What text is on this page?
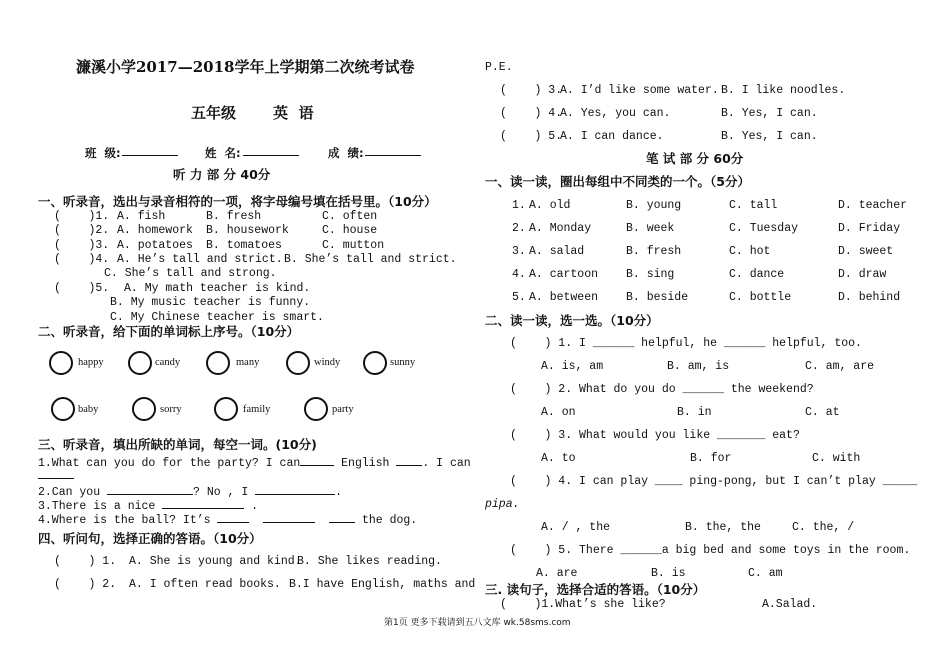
濂溪小学2017—2018学年上学期第二次统考试卷
五年级 英  语
班  级:	姓  名:	成  绩:
听 力 部 分 40分
一、听录音，选出与录音相符的一项，将字母编号填在括号里。（10分）
(    )1. A. fish	B. fresh	C. often
(    )2. A. homework B. housework	C. house
(    )3. A. potatoes B. tomatoes	C. mutton
(    )4. A. He’s tall and strict. B. She’s tall and strict.
C. She’s tall and strong.
(    )5. A. My math teacher is kind.
B. My music teacher is funny.
C. My Chinese teacher is smart.
二、听录音，给下面的单词标上序号。（10分）
happy	candy	many	windy	sunny
baby	sorry	family	party
三、听录音，填出所缺的单词，每空一词。(10分)
1.What can you do for the party? I can	English . I can
2.Can you	? No , I	.
3.There is a nice	.
4.Where is the ball? It’s	the dog.
四、听问句，选择正确的答语。（10分）
(    ) 1. A. She is young and kind.
B. She likes reading.
(    ) 2. A. I often read books. B.I have English, maths and
P.E.
(    ) 3.
A. I’d like some water. B. I like noodles.
(    ) 4.
A. Yes, you can.	B. Yes, I can.
(    ) 5.
A. I can dance.	B. Yes, I can.
笔 试 部 分 60分
一、读一读，圈出每组中不同类的一个。（5分）
1. A. old	B. young	C. tall	D. teacher
2. A. Monday	B. week	C. Tuesday	D. Friday
3. A. salad	B. fresh	C. hot	D. sweet
4. A. cartoon B. sing	C. dance	D. draw
5. A. between B. beside	C. bottle	D. behind
二、读一读，选一选。（10分）
(    ) 1. I ______ helpful, he ______ helpful, too.
A. is, am	B. am, is	C. am, are
(    ) 2. What do you do ______ the weekend?
A. on	B. in	C. at
(    ) 3. What would you like _______ eat?
A. to	B. for	C. with
(    ) 4. I can play ____ ping-pong, but I can’t play _____
pipa.
A. / , the	B. the, the	C. the, /
(    ) 5. There ______a big bed and some toys in the room.
A. are	B. is	C. am
三. 读句子，选择合适的答语。（10分）
(    )1.What’s she like?	A.Salad.
第1页 更多下载请到五八文库 wk.58sms.com
